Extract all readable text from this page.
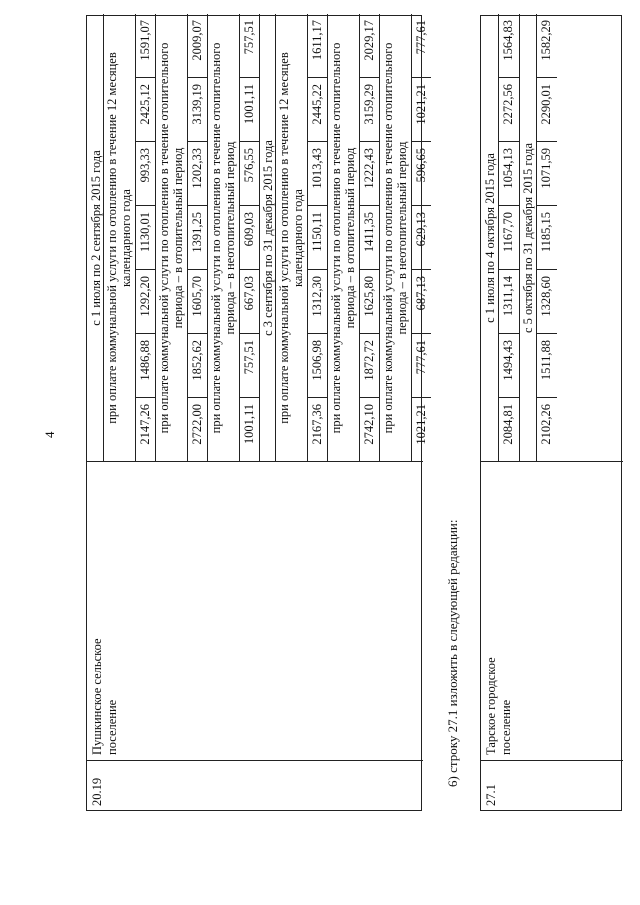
4
20.19
Пушкинское сельское поселение
с 1 июля по 2 сентября 2015 года при оплате коммунальной услуги по отоплению в течение 12 месяцев календарного года
2147,26
1486,88
1292,20
1130,01
993,33
2425,12
1591,07
при оплате коммунальной услуги по отоплению в течение отопительного периода – в отопительный период
2722,00
1852,62
1605,70
1391,25
1202,33
3139,19
2009,07
при оплате коммунальной услуги по отоплению в течение отопительного периода – в неотопительный период
1001,11
757,51
667,03
609,03
576,55
1001,11
757,51
с 3 сентября по 31 декабря 2015 года при оплате коммунальной услуги по отоплению в течение 12 месяцев календарного года
2167,36
1506,98
1312,30
1150,11
1013,43
2445,22
1611,17
при оплате коммунальной услуги по отоплению в течение отопительного периода – в отопительный период
2742,10
1872,72
1625,80
1411,35
1222,43
3159,29
2029,17
при оплате коммунальной услуги по отоплению в течение отопительного периода – в неотопительный период
1021,21
777,61
687,13
629,13
596,65
1021,21
777,61
6) строку 27.1 изложить в следующей редакции:
27.1
Тарское городское поселение
с 1 июля по 4 октября 2015 года
2084,81
1494,43
1311,14
1167,70
1054,13
2272,56
1564,83
с 5 октября по 31 декабря 2015 года
2102,26
1511,88
1328,60
1185,15
1071,59
2290,01
1582,29
